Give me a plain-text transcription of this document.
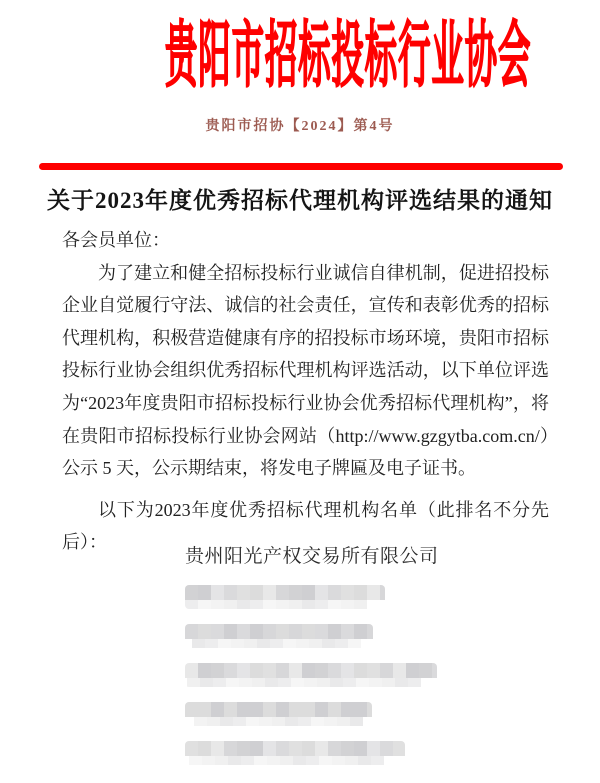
贵阳市招标投标行业协会
贵阳市招协【2024】第4号
关于2023年度优秀招标代理机构评选结果的通知
各会员单位：

为了建立和健全招标投标行业诚信自律机制，促进招投标企业自觉履行守法、诚信的社会责任，宣传和表彰优秀的招标代理机构，积极营造健康有序的招投标市场环境，贵阳市招标投标行业协会组织优秀招标代理机构评选活动，以下单位评选为“2023年度贵阳市招标投标行业协会优秀招标代理机构”，将在贵阳市招标投标行业协会网站（http://www.gzgytba.com.cn/）公示 5 天，公示期结束，将发电子牌匾及电子证书。

以下为2023年度优秀招标代理机构名单（此排名不分先后）：

贵州阳光产权交易所有限公司
